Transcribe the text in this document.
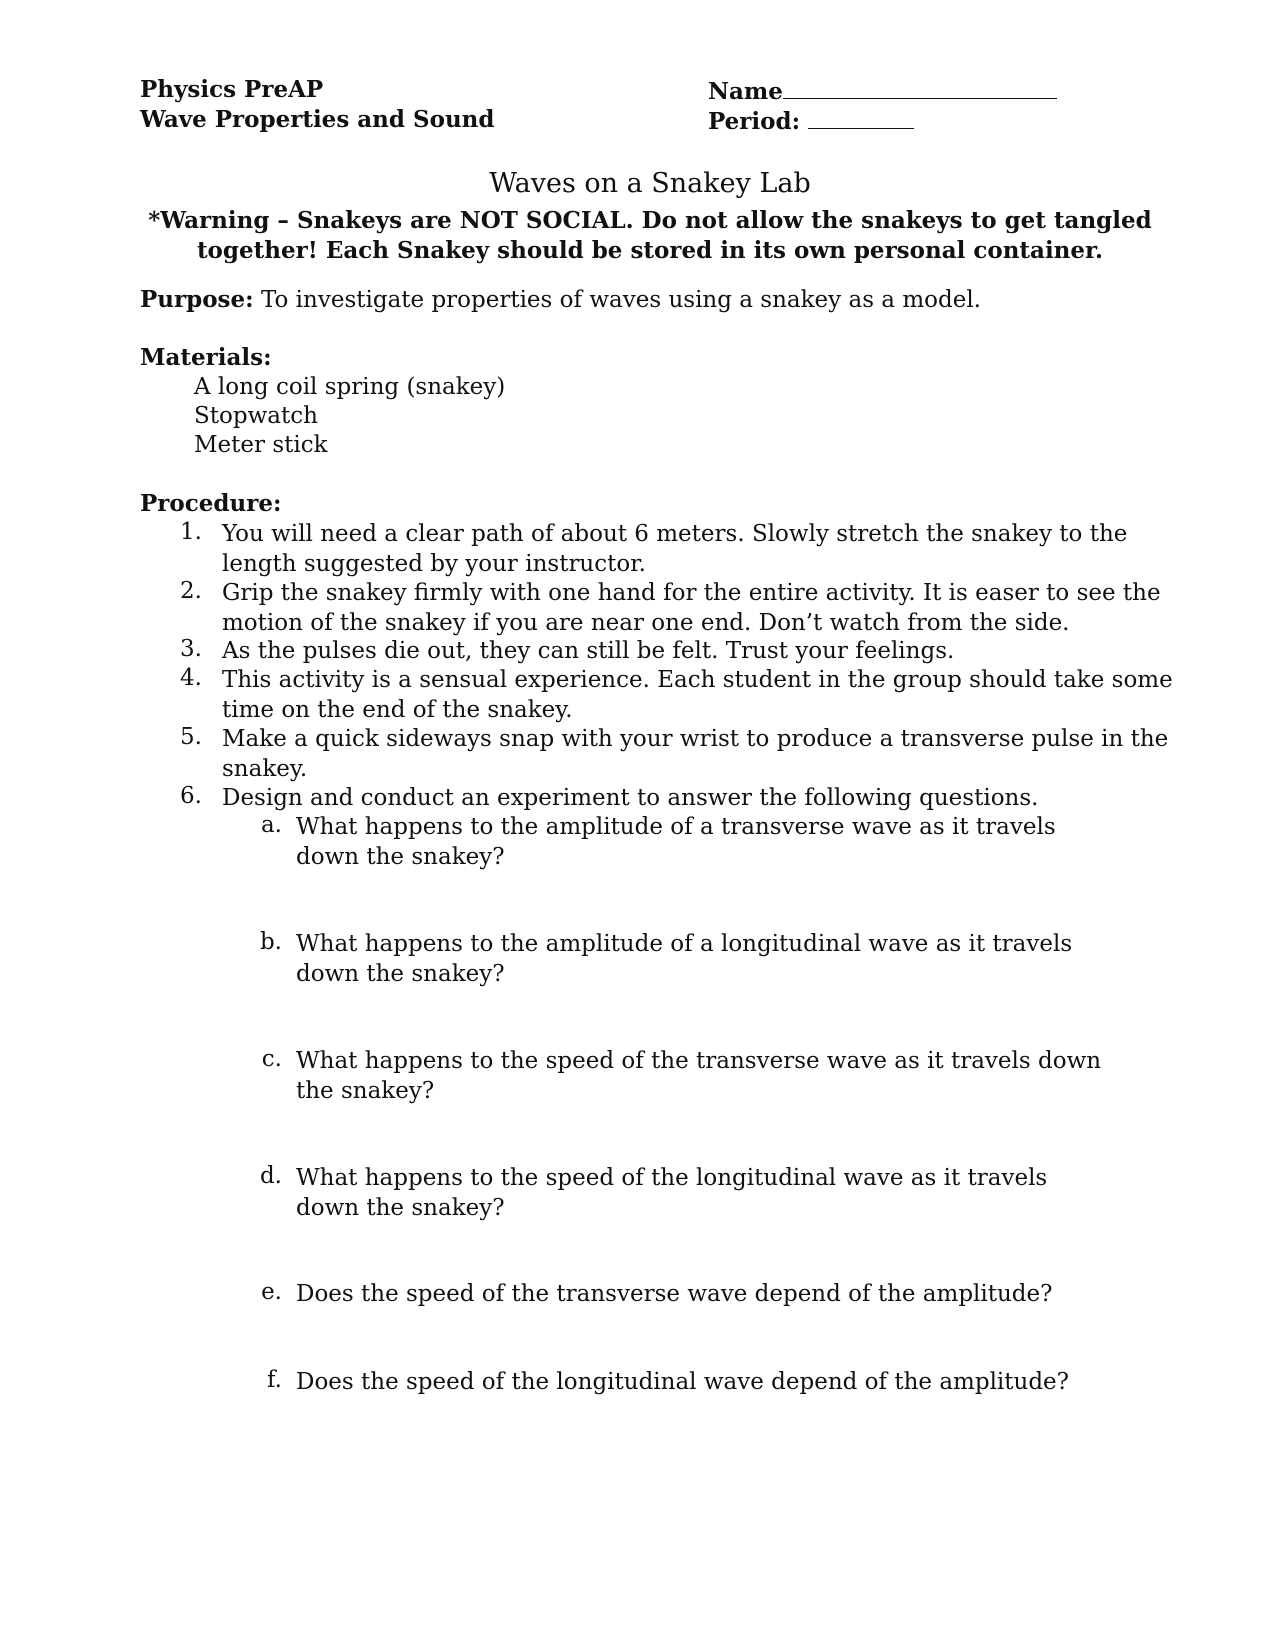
Physics PreAP
Wave Properties and Sound
Name
Period:
Waves on a Snakey Lab
*Warning – Snakeys are NOT SOCIAL. Do not allow the snakeys to get tangled together! Each Snakey should be stored in its own personal container.
Purpose: To investigate properties of waves using a snakey as a model.
Materials:
A long coil spring (snakey)
Stopwatch
Meter stick
Procedure:
1. You will need a clear path of about 6 meters. Slowly stretch the snakey to the length suggested by your instructor.
2. Grip the snakey firmly with one hand for the entire activity. It is easer to see the motion of the snakey if you are near one end. Don’t watch from the side.
3. As the pulses die out, they can still be felt. Trust your feelings.
4. This activity is a sensual experience. Each student in the group should take some time on the end of the snakey.
5. Make a quick sideways snap with your wrist to produce a transverse pulse in the snakey.
6. Design and conduct an experiment to answer the following questions.
a. What happens to the amplitude of a transverse wave as it travels down the snakey?
b. What happens to the amplitude of a longitudinal wave as it travels down the snakey?
c. What happens to the speed of the transverse wave as it travels down the snakey?
d. What happens to the speed of the longitudinal wave as it travels down the snakey?
e. Does the speed of the transverse wave depend of the amplitude?
f. Does the speed of the longitudinal wave depend of the amplitude?
